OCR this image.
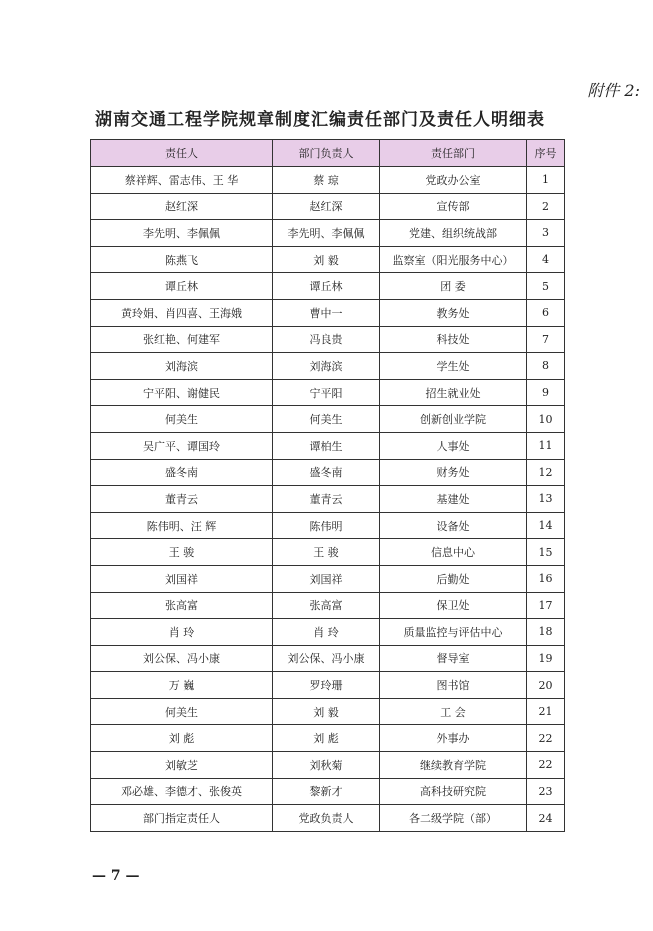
附件 2:
湖南交通工程学院规章制度汇编责任部门及责任人明细表
责任人	部门负责人	责任部门	序号
蔡祥辉、雷志伟、王 华	蔡 琼	党政办公室	1
赵红深	赵红深	宣传部	2
李先明、李佩佩	李先明、李佩佩	党建、组织统战部	3
陈燕飞	刘 毅	监察室（阳光服务中心）	4
谭丘林	谭丘林	团 委	5
黄玲娟、肖四喜、王海娥	曹中一	教务处	6
张红艳、何建军	冯良贵	科技处	7
刘海滨	刘海滨	学生处	8
宁平阳、谢健民	宁平阳	招生就业处	9
何美生	何美生	创新创业学院	10
吴广平、谭国玲	谭柏生	人事处	11
盛冬南	盛冬南	财务处	12
董青云	董青云	基建处	13
陈伟明、汪 辉	陈伟明	设备处	14
王 骏	王 骏	信息中心	15
刘国祥	刘国祥	后勤处	16
张高富	张高富	保卫处	17
肖 玲	肖 玲	质量监控与评估中心	18
刘公保、冯小康	刘公保、冯小康	督导室	19
万 巍	罗玲珊	图书馆	20
何美生	刘 毅	工 会	21
刘 彪	刘 彪	外事办	22
刘敏芝	刘秋菊	继续教育学院	22
邓必雄、李德才、张俊英	黎新才	高科技研究院	23
部门指定责任人	党政负责人	各二级学院（部）	24
— 7 —
